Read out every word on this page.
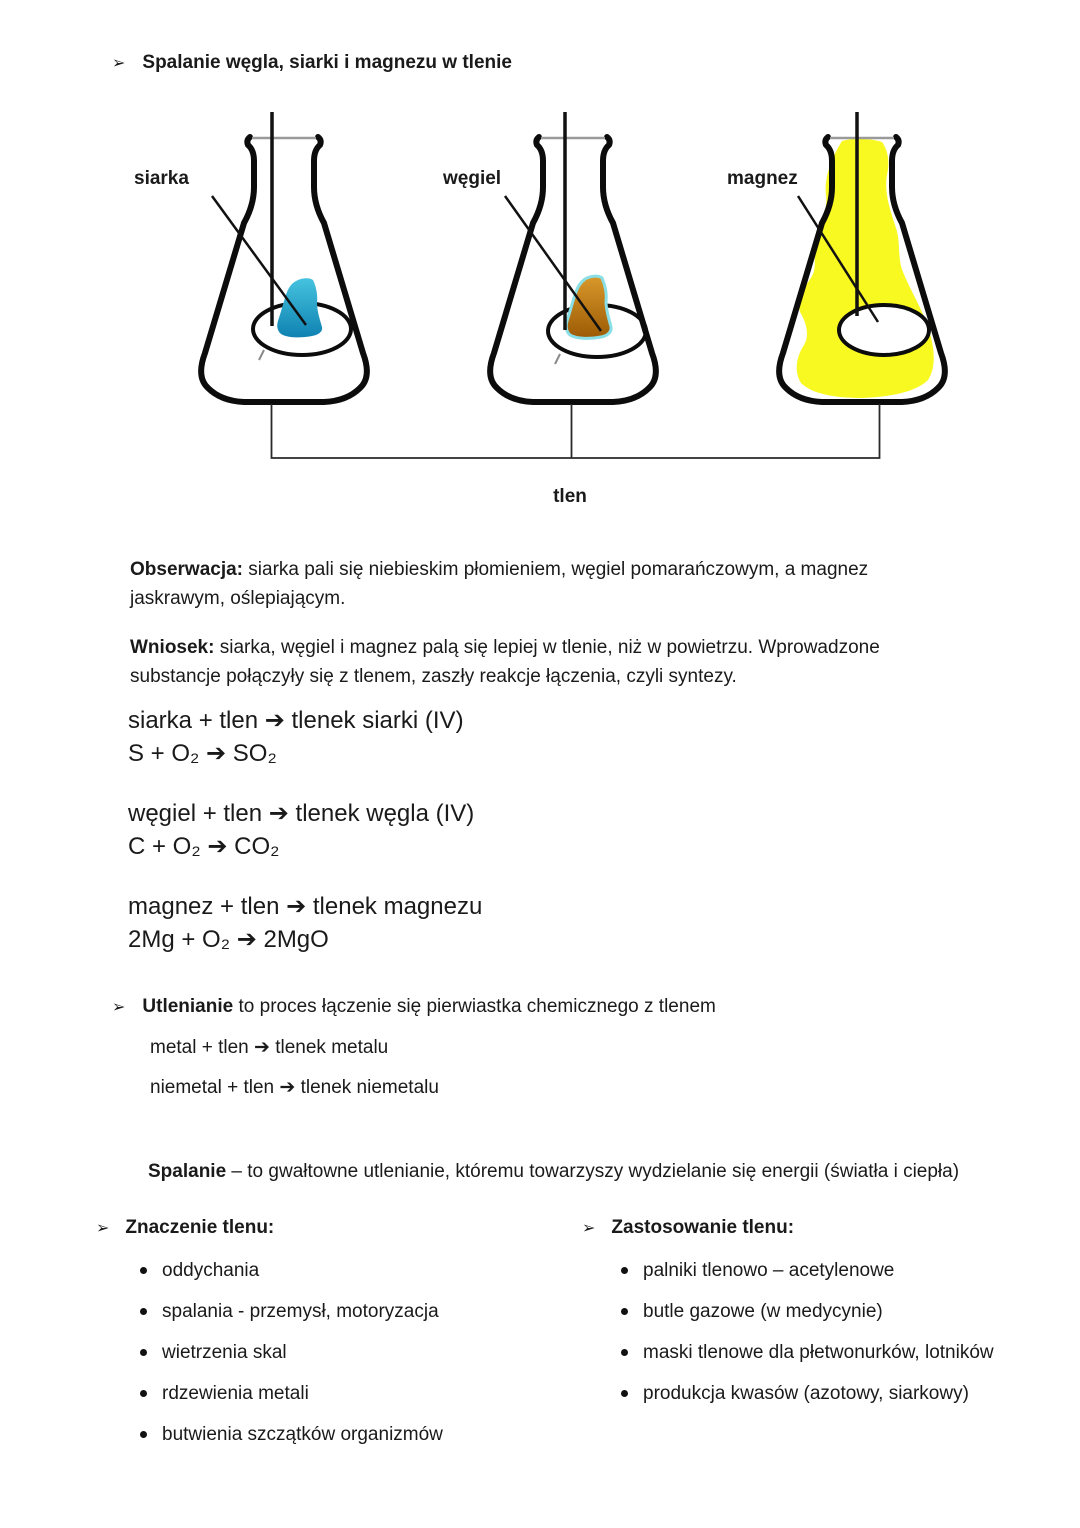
➢ Spalanie węgla, siarki i magnezu w tlenie
siarka	węgiel	magnez
tlen

Obserwacja: siarka pali się niebieskim płomieniem, węgiel pomarańczowym, a magnez jaskrawym, oślepiającym.

Wniosek: siarka, węgiel i magnez palą się lepiej w tlenie, niż w powietrzu. Wprowadzone substancje połączyły się z tlenem, zaszły reakcje łączenia, czyli syntezy.

siarka + tlen ➔ tlenek siarki (IV)
S + O₂ ➔ SO₂
węgiel + tlen ➔ tlenek węgla (IV)
C + O₂ ➔ CO₂
magnez + tlen ➔ tlenek magnezu
2Mg + O₂ ➔ 2MgO
➢ Utlenianie to proces łączenie się pierwiastka chemicznego z tlenem
metal + tlen ➔ tlenek metalu
niemetal + tlen ➔ tlenek niemetalu

Spalanie – to gwałtowne utlenianie, któremu towarzyszy wydzielanie się energii (światła i ciepła)

➢ Znaczenie tlenu:	➢ Zastosowanie tlenu:
oddychania
spalania - przemysł, motoryzacja
wietrzenia skal
rdzewienia metali
butwienia szczątków organizmów
palniki tlenowo – acetylenowe
butle gazowe (w medycynie)
maski tlenowe dla płetwonurków, lotników
produkcja kwasów (azotowy, siarkowy)
